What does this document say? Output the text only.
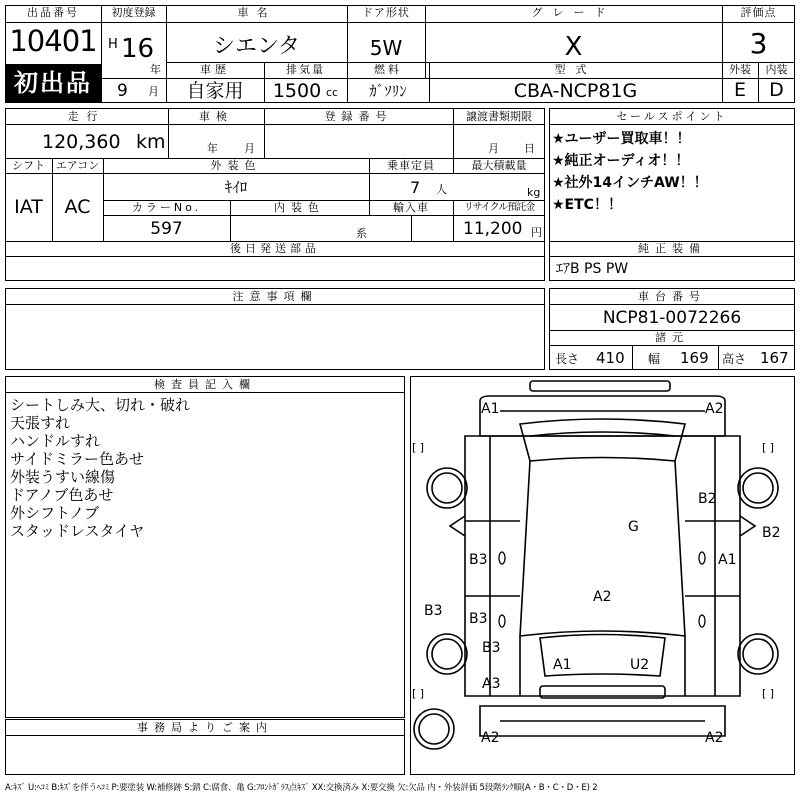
出品番号
10401
初出品
初度登録
H 16
年
9 月
車名
シエンタ
ドア形状
5W
グレード
X
評価点
3
車歴
自家用
排気量
1500 cc
燃料
ｶﾞｿﾘﾝ
型式
CBA-NCP81G
外装	内装
E	D
走行
120,360 km
車検
年 月
登録番号	譲渡書類期限
月 日
シフト
IAT
エアコン
AC
外装色
ｷｲﾛ
乗車定員
7 人
最大積載量
kg
カラーNo.
597
内装色
系
輸入車	リサイクル預託金
11,200 円
後日発送部品
セールスポイント
★ユーザー買取車！！
★純正オーディオ！！
★社外14インチAW！！
★ETC！！
純正装備
ｴｱB PS PW
注意事項欄	車台番号
NCP81-0072266
諸元
長さ 410 幅 169 高さ 167
検査員記入欄
シートしみ大、切れ・破れ
天張すれ
ハンドルすれ
サイドミラー色あせ
外装うすい線傷
ドアノブ色あせ
外シフトノブ
スタッドレスタイヤ
事務局よりご案内
A1	A2
B2
B2
G
B3	A1
A2
B3 B3
B3
A1	U2
A3
A2	A2
[ ]	[ ]
[ ]	[ ]
A:ｷｽﾞ U:ﾍｺﾐ B:ｷｽﾞを伴うﾍｺﾐ P:要塗装 W:補修跡 S:錆 C:腐食、亀 G:ﾌﾛﾝﾄｶﾞﾗｽ点ｷｽﾞ XX:交換済み X:要交換 欠:欠品 内・外装評価 5段階ﾗﾝｸ順(A・B・C・D・E) 2
